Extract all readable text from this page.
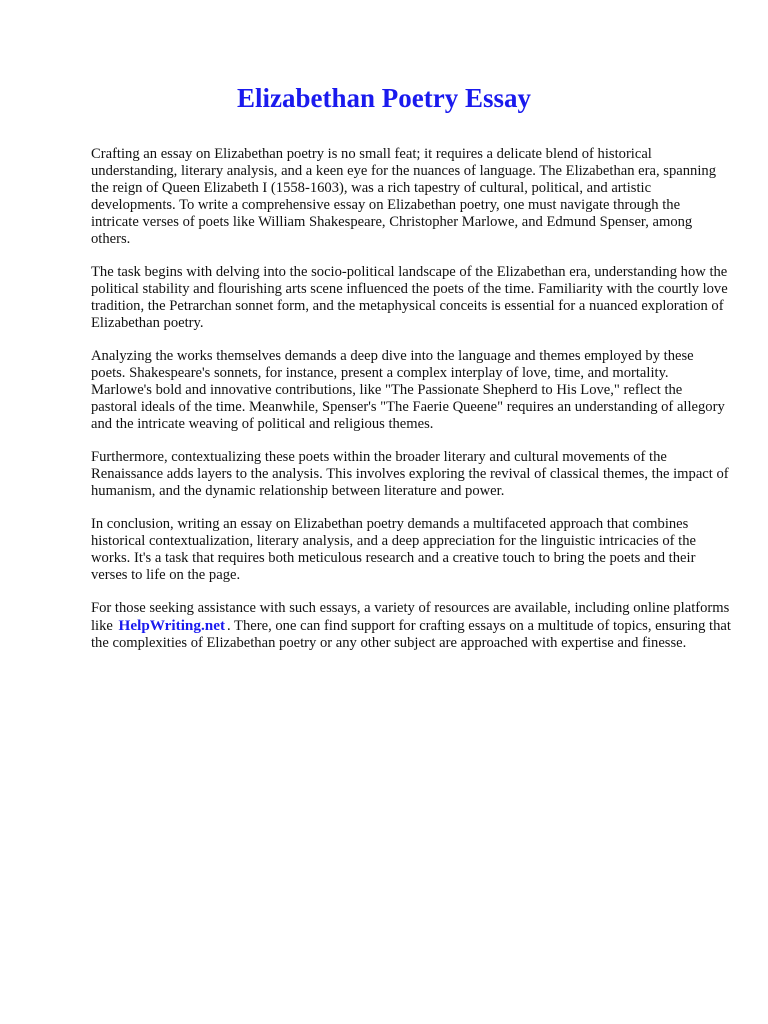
Elizabethan Poetry Essay

Crafting an essay on Elizabethan poetry is no small feat; it requires a delicate blend of historical understanding, literary analysis, and a keen eye for the nuances of language. The Elizabethan era, spanning the reign of Queen Elizabeth I (1558-1603), was a rich tapestry of cultural, political, and artistic developments. To write a comprehensive essay on Elizabethan poetry, one must navigate through the intricate verses of poets like William Shakespeare, Christopher Marlowe, and Edmund Spenser, among others.

The task begins with delving into the socio-political landscape of the Elizabethan era, understanding how the political stability and flourishing arts scene influenced the poets of the time. Familiarity with the courtly love tradition, the Petrarchan sonnet form, and the metaphysical conceits is essential for a nuanced exploration of Elizabethan poetry.

Analyzing the works themselves demands a deep dive into the language and themes employed by these poets. Shakespeare's sonnets, for instance, present a complex interplay of love, time, and mortality. Marlowe's bold and innovative contributions, like "The Passionate Shepherd to His Love," reflect the pastoral ideals of the time. Meanwhile, Spenser's "The Faerie Queene" requires an understanding of allegory and the intricate weaving of political and religious themes.

Furthermore, contextualizing these poets within the broader literary and cultural movements of the Renaissance adds layers to the analysis. This involves exploring the revival of classical themes, the impact of humanism, and the dynamic relationship between literature and power.

In conclusion, writing an essay on Elizabethan poetry demands a multifaceted approach that combines historical contextualization, literary analysis, and a deep appreciation for the linguistic intricacies of the works. It's a task that requires both meticulous research and a creative touch to bring the poets and their verses to life on the page.

For those seeking assistance with such essays, a variety of resources are available, including online platforms like HelpWriting.net . There, one can find support for crafting essays on a multitude of topics, ensuring that the complexities of Elizabethan poetry or any other subject are approached with expertise and finesse.
